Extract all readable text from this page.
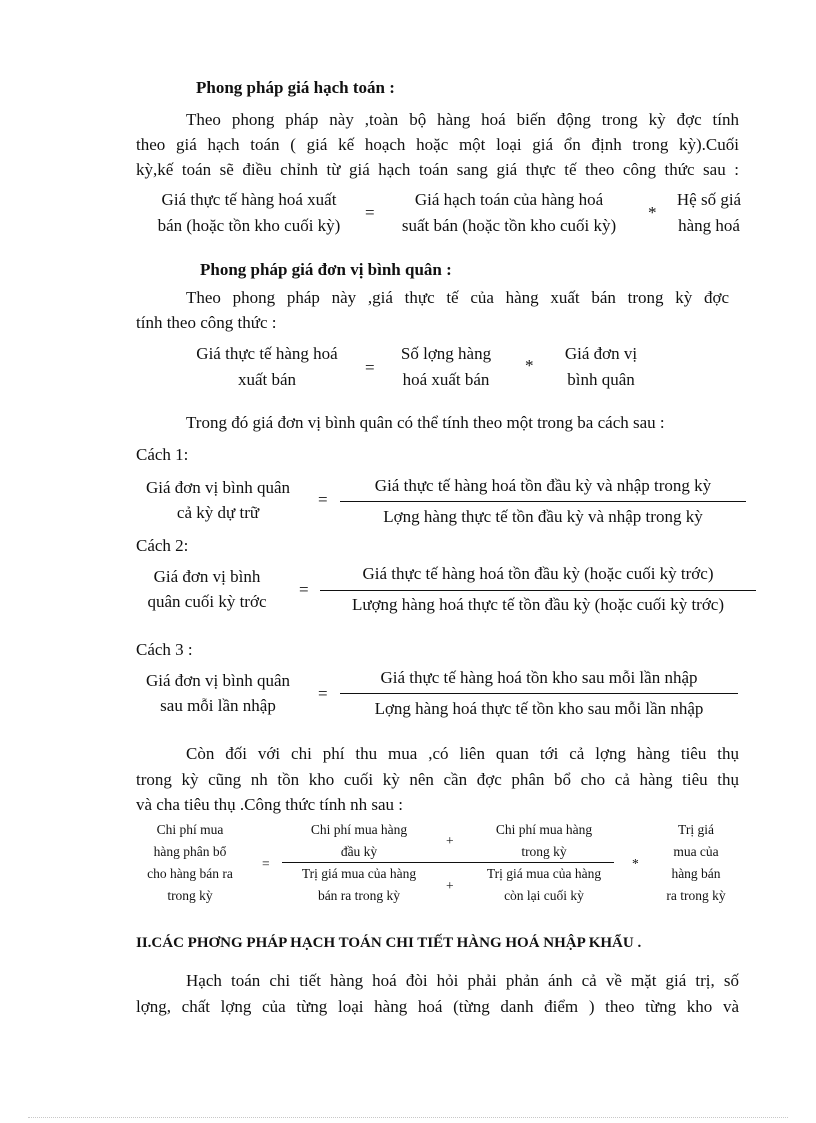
Phong pháp giá hạch toán :
Theo phong pháp này ,toàn bộ hàng hoá biến động trong kỳ đợc tính
theo giá hạch toán ( giá kế hoạch hoặc một loại giá ổn định trong kỳ).Cuối
kỳ,kế toán sẽ điều chỉnh từ giá hạch toán sang giá thực tế theo công thức sau :
Giá thực tế hàng hoá xuất
bán (hoặc tồn kho cuối kỳ)
=
Giá hạch toán của hàng hoá
suất bán (hoặc tồn kho cuối kỳ)
*
Hệ số giá
hàng hoá
Phong pháp giá đơn vị bình quân :
Theo phong pháp này ,giá thực tế của hàng xuất bán trong kỳ đợc
tính theo công thức :
Giá thực tế hàng hoá
xuất bán
=
Số lợng hàng
hoá xuất bán
*
Giá đơn vị
bình quân
Trong đó giá đơn vị bình quân có thể tính theo một trong ba cách sau :
Cách 1:
Giá đơn vị bình quân
cả kỳ dự trữ
=
Giá thực tế hàng hoá tồn đầu kỳ và nhập trong kỳ
Lợng hàng thực tế tồn đầu kỳ và nhập trong kỳ
Cách 2:
Giá đơn vị bình
quân cuối kỳ trớc
=
Giá thực tế hàng hoá tồn đầu kỳ (hoặc cuối kỳ trớc)
Lượng hàng hoá thực tế tồn đầu kỳ (hoặc cuối kỳ trớc)
Cách 3 :
Giá đơn vị bình quân
sau mỗi lần nhập
=
Giá thực tế hàng hoá tồn kho sau mỗi lần nhập
Lợng hàng hoá thực tế tồn kho sau mỗi lần nhập
Còn đối với chi phí thu mua ,có liên quan tới cả lợng hàng tiêu thụ
trong kỳ cũng nh tồn kho cuối kỳ nên cần đợc phân bổ cho cả hàng tiêu thụ
và cha tiêu thụ .Công thức tính nh sau :
Chi phí mua
hàng phân bổ
cho hàng bán ra
trong kỳ
=
Chi phí mua hàng
đầu kỳ
+
Chi phí mua hàng
trong kỳ
Trị giá mua của hàng
bán ra trong kỳ
+
Trị giá mua của hàng
còn lại cuối kỳ
*
Trị giá
mua của
hàng bán
ra trong kỳ
II.CÁC PHƠNG PHÁP HẠCH TOÁN CHI TIẾT HÀNG HOÁ NHẬP KHẨU .
Hạch toán chi tiết hàng hoá đòi hỏi phải phản ánh cả về mặt giá trị, số
lợng, chất lợng của từng loại hàng hoá (từng danh điểm ) theo từng kho và
